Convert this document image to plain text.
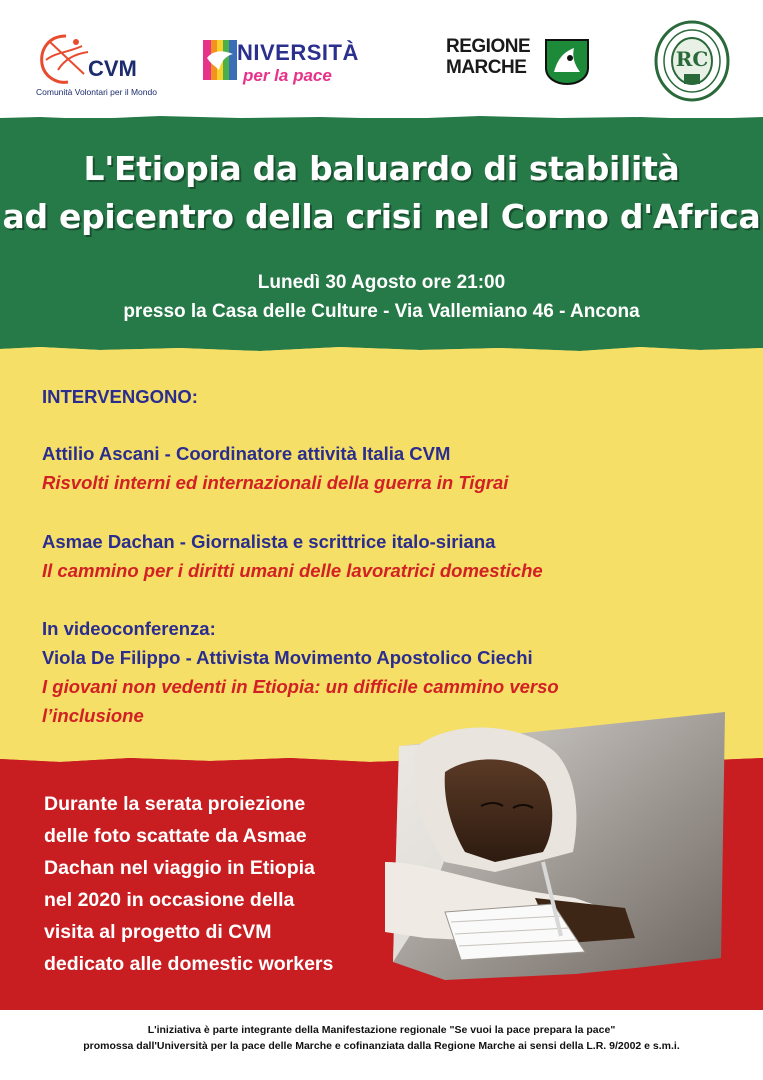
CVM
Comunità Volontari per il Mondo
NIVERSITÀ
per la pace
REGIONE
MARCHE	RC
L'Etiopia da baluardo di stabilità
ad epicentro della crisi nel Corno d'Africa
Lunedì 30 Agosto ore 21:00
presso la Casa delle Culture - Via Vallemiano 46 - Ancona
INTERVENGONO:
Attilio Ascani - Coordinatore attività Italia CVM
Risvolti interni ed internazionali della guerra in Tigrai
Asmae Dachan - Giornalista e scrittrice italo-siriana
Il cammino per i diritti umani delle lavoratrici domestiche
In videoconferenza:
Viola De Filippo - Attivista Movimento Apostolico Ciechi
I giovani non vedenti in Etiopia: un difficile cammino verso
l’inclusione
Durante la serata proiezione
delle foto scattate da Asmae
Dachan nel viaggio in Etiopia
nel 2020 in occasione della
visita al progetto di CVM
dedicato alle domestic workers
L'iniziativa è parte integrante della Manifestazione regionale "Se vuoi la pace prepara la pace"
promossa dall'Università per la pace delle Marche e cofinanziata dalla Regione Marche ai sensi della L.R. 9/2002 e s.m.i.
